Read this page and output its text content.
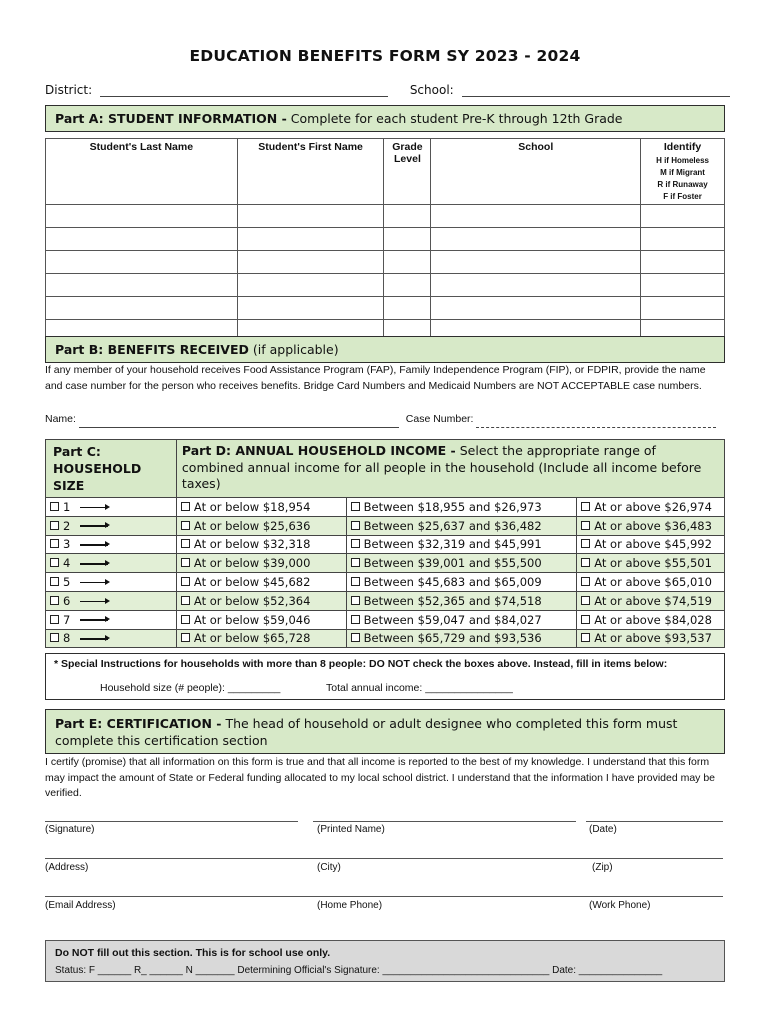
EDUCATION BENEFITS FORM SY 2023 - 2024
District:	School:
Part A: STUDENT INFORMATION - Complete for each student Pre-K through 12th Grade
Student's Last Name	Student's First Name	Grade Level	School	Identify
H if Homeless
M if Migrant
R if Runaway
F if Foster

Part B: BENEFITS RECEIVED (if applicable)
If any member of your household receives Food Assistance Program (FAP), Family Independence Program (FIP), or FDPIR, provide the name and case number for the person who receives benefits. Bridge Card Numbers and Medicaid Numbers are NOT ACCEPTABLE case numbers.
Name:	Case Number:
Part C: HOUSEHOLD SIZE	Part D: ANNUAL HOUSEHOLD INCOME - Select the appropriate range of combined annual income for all people in the household (Include all income before taxes)		
1	At or below $18,954	Between $18,955 and $26,973	At or above $26,974
2	At or below $25,636	Between $25,637 and $36,482	At or above $36,483
3	At or below $32,318	Between $32,319 and $45,991	At or above $45,992
4	At or below $39,000	Between $39,001 and $55,500	At or above $55,501
5	At or below $45,682	Between $45,683 and $65,009	At or above $65,010
6	At or below $52,364	Between $52,365 and $74,518	At or above $74,519
7	At or below $59,046	Between $59,047 and $84,027	At or above $84,028
8	At or below $65,728	Between $65,729 and $93,536	At or above $93,537
* Special Instructions for households with more than 8 people: DO NOT check the boxes above. Instead, fill in items below:
Household size (# people): _________	Total annual income: _______________
Part E: CERTIFICATION - The head of household or adult designee who completed this form must complete this certification section
I certify (promise) that all information on this form is true and that all income is reported to the best of my knowledge. I understand that this form may impact the amount of State or Federal funding allocated to my local school district. I understand that the information I have provided may be verified.
(Signature)	(Printed Name)	(Date)
(Address)	(City)	(Zip)
(Email Address)	(Home Phone)	(Work Phone)
Do NOT fill out this section. This is for school use only.
Status: F ______ R_ ______ N _______ Determining Official's Signature: ______________________________ Date: _______________
